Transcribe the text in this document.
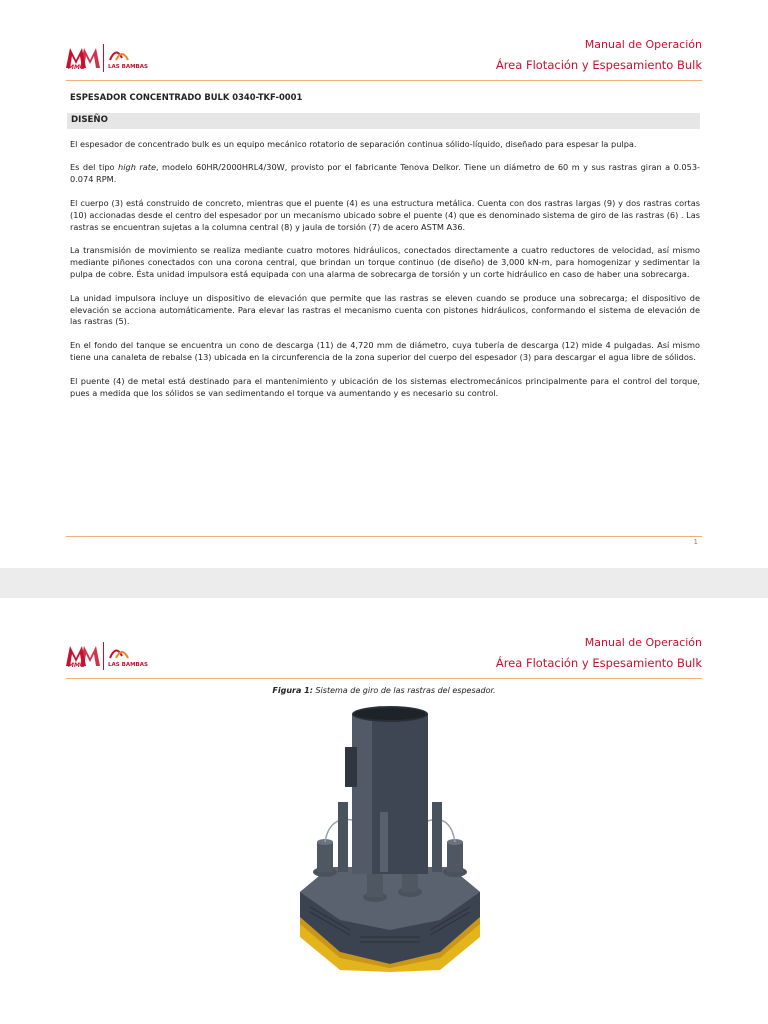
MMG	LAS BAMBAS
Manual de Operación
Área Flotación y Espesamiento Bulk
ESPESADOR CONCENTRADO BULK 0340-TKF-0001
DISEÑO

El espesador de concentrado bulk es un equipo mecánico rotatorio de separación continua sólido-líquido, diseñado para espesar la pulpa.

Es del tipo high rate, modelo 60HR/2000HRL4/30W, provisto por el fabricante Tenova Delkor. Tiene un diámetro de 60 m y sus rastras giran a 0.053-0.074 RPM.

El cuerpo (3) está construido de concreto, mientras que el puente (4) es una estructura metálica. Cuenta con dos rastras largas (9) y dos rastras cortas (10) accionadas desde el centro del espesador por un mecanismo ubicado sobre el puente (4) que es denominado sistema de giro de las rastras (6) . Las rastras se encuentran sujetas a la columna central (8) y jaula de torsión (7) de acero ASTM A36.

La transmisión de movimiento se realiza mediante cuatro motores hidráulicos, conectados directamente a cuatro reductores de velocidad, así mismo mediante piñones conectados con una corona central, que brindan un torque continuo (de diseño) de 3,000 kN-m, para homogenizar y sedimentar la pulpa de cobre. Ésta unidad impulsora está equipada con una alarma de sobrecarga de torsión y un corte hidráulico en caso de haber una sobrecarga.

La unidad impulsora incluye un dispositivo de elevación que permite que las rastras se eleven cuando se produce una sobrecarga; el dispositivo de elevación se acciona automáticamente. Para elevar las rastras el mecanismo cuenta con pistones hidráulicos, conformando el sistema de elevación de las rastras (5).

En el fondo del tanque se encuentra un cono de descarga (11) de 4,720 mm de diámetro, cuya tubería de descarga (12) mide 4 pulgadas. Así mismo tiene una canaleta de rebalse (13) ubicada en la circunferencia de la zona superior del cuerpo del espesador (3) para descargar el agua libre de sólidos.

El puente (4) de metal está destinado para el mantenimiento y ubicación de los sistemas electromecánicos principalmente para el control del torque, pues a medida que los sólidos se van sedimentando el torque va aumentando y es necesario su control.

1
MMG	LAS BAMBAS
Manual de Operación
Área Flotación y Espesamiento Bulk
Figura 1: Sistema de giro de las rastras del espesador.
